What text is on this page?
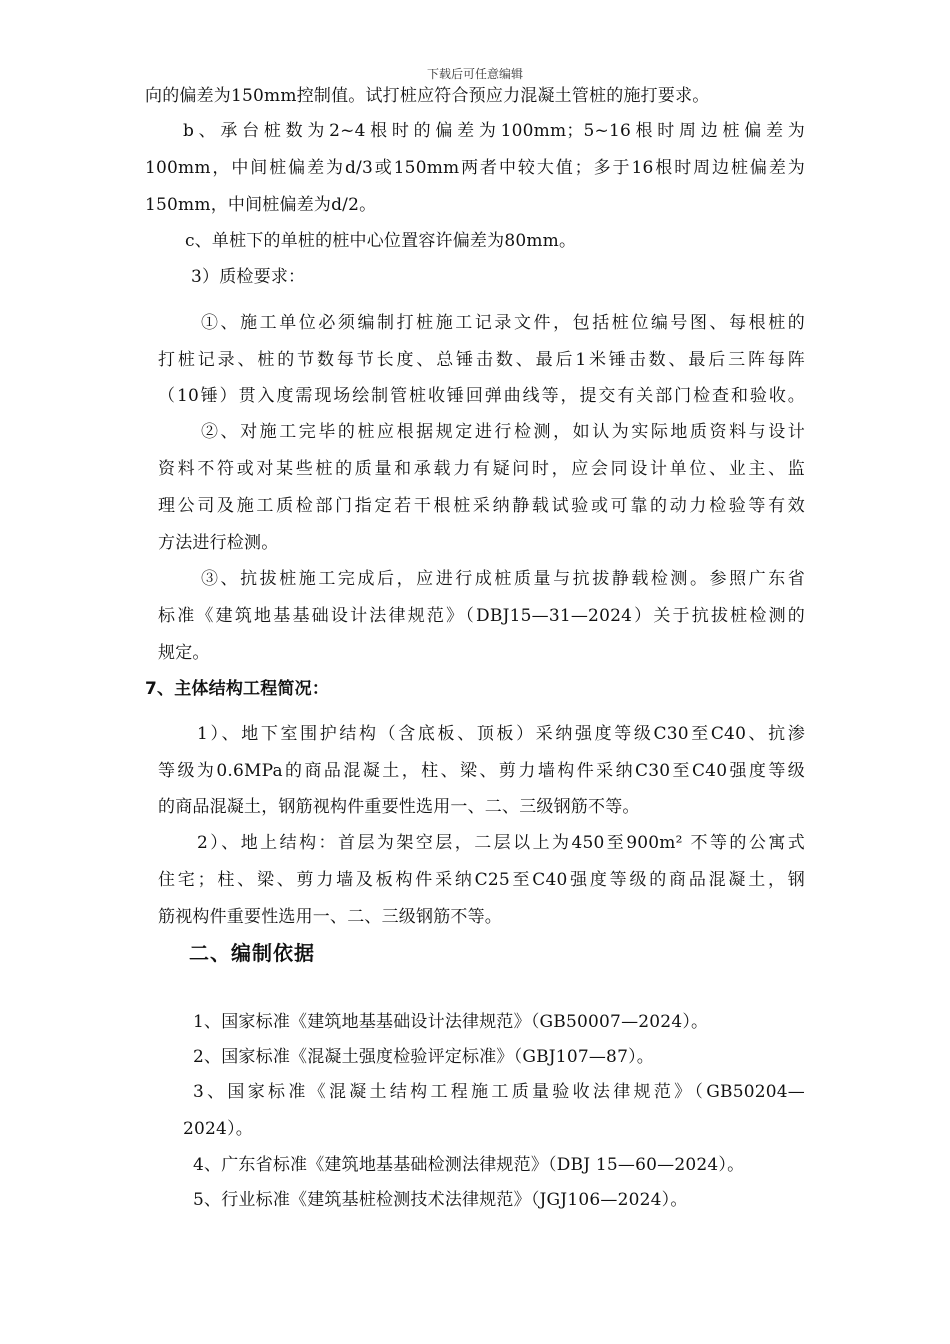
下载后可任意编辑
向的偏差为150mm控制值。试打桩应符合预应力混凝土管桩的施打要求。
b、承台桩数为2~4根时的偏差为100mm；5~16根时周边桩偏差为
100mm，中间桩偏差为d/3或150mm两者中较大值；多于16根时周边桩偏差为
150mm，中间桩偏差为d/2。
c、单桩下的单桩的桩中心位置容许偏差为80mm。
3）质检要求：
①、施工单位必须编制打桩施工记录文件，包括桩位编号图、每根桩的
打桩记录、桩的节数每节长度、总锤击数、最后1米锤击数、最后三阵每阵
（10锤）贯入度需现场绘制管桩收锤回弹曲线等，提交有关部门检查和验收。
②、对施工完毕的桩应根据规定进行检测，如认为实际地质资料与设计
资料不符或对某些桩的质量和承载力有疑问时，应会同设计单位、业主、监
理公司及施工质检部门指定若干根桩采纳静载试验或可靠的动力检验等有效
方法进行检测。
③、抗拔桩施工完成后，应进行成桩质量与抗拔静载检测。参照广东省
标准《建筑地基基础设计法律规范》（DBJ15—31—2024）关于抗拔桩检测的
规定。
7、主体结构工程简况：
1）、地下室围护结构（含底板、顶板）采纳强度等级C30至C40、抗渗
等级为0.6MPa的商品混凝土，柱、梁、剪力墙构件采纳C30至C40强度等级
的商品混凝土，钢筋视构件重要性选用一、二、三级钢筋不等。
2）、地上结构：首层为架空层，二层以上为450至900m² 不等的公寓式
住宅；柱、梁、剪力墙及板构件采纳C25至C40强度等级的商品混凝土，钢
筋视构件重要性选用一、二、三级钢筋不等。
二、编制依据
1、国家标准《建筑地基基础设计法律规范》（GB50007—2024）。
2、国家标准《混凝土强度检验评定标准》（GBJ107—87）。
3、国家标准《混凝土结构工程施工质量验收法律规范》（GB50204—
2024）。
4、广东省标准《建筑地基基础检测法律规范》（DBJ 15—60—2024）。
5、行业标准《建筑基桩检测技术法律规范》（JGJ106—2024）。
